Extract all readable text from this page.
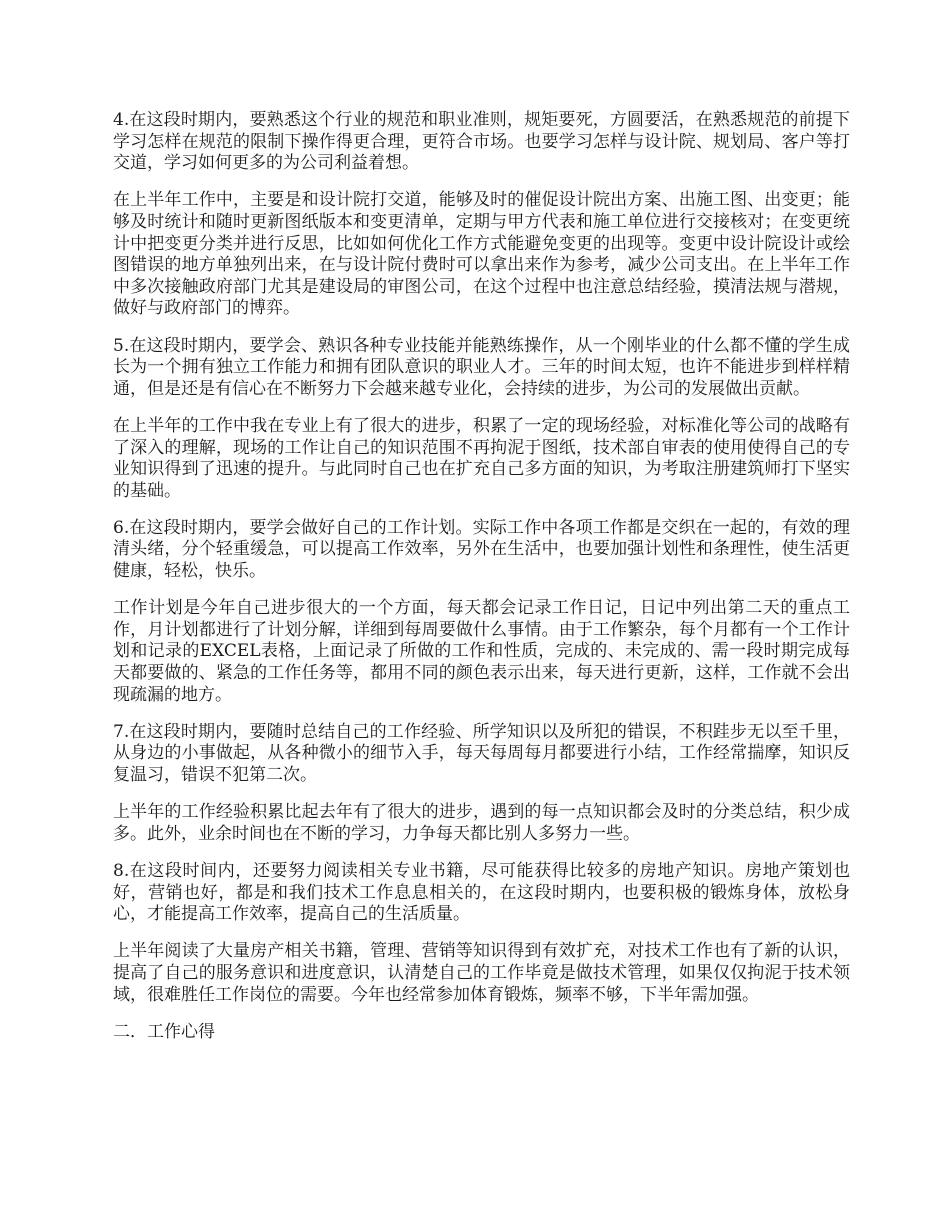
4.在这段时期内，要熟悉这个行业的规范和职业准则，规矩要死，方圆要活，在熟悉规范的前提下学习怎样在规范的限制下操作得更合理，更符合市场。也要学习怎样与设计院、规划局、客户等打交道，学习如何更多的为公司利益着想。

在上半年工作中，主要是和设计院打交道，能够及时的催促设计院出方案、出施工图、出变更；能够及时统计和随时更新图纸版本和变更清单，定期与甲方代表和施工单位进行交接核对；在变更统计中把变更分类并进行反思，比如如何优化工作方式能避免变更的出现等。变更中设计院设计或绘图错误的地方单独列出来，在与设计院付费时可以拿出来作为参考，减少公司支出。在上半年工作中多次接触政府部门尤其是建设局的审图公司，在这个过程中也注意总结经验，摸清法规与潜规，做好与政府部门的博弈。

5.在这段时期内，要学会、熟识各种专业技能并能熟练操作，从一个刚毕业的什么都不懂的学生成长为一个拥有独立工作能力和拥有团队意识的职业人才。三年的时间太短，也许不能进步到样样精通，但是还是有信心在不断努力下会越来越专业化，会持续的进步，为公司的发展做出贡献。

在上半年的工作中我在专业上有了很大的进步，积累了一定的现场经验，对标准化等公司的战略有了深入的理解，现场的工作让自己的知识范围不再拘泥于图纸，技术部自审表的使用使得自己的专业知识得到了迅速的提升。与此同时自己也在扩充自己多方面的知识，为考取注册建筑师打下坚实的基础。

6.在这段时期内，要学会做好自己的工作计划。实际工作中各项工作都是交织在一起的，有效的理清头绪，分个轻重缓急，可以提高工作效率，另外在生活中，也要加强计划性和条理性，使生活更健康，轻松，快乐。

工作计划是今年自己进步很大的一个方面，每天都会记录工作日记，日记中列出第二天的重点工作，月计划都进行了计划分解，详细到每周要做什么事情。由于工作繁杂，每个月都有一个工作计划和记录的EXCEL表格，上面记录了所做的工作和性质，完成的、未完成的、需一段时期完成每天都要做的、紧急的工作任务等，都用不同的颜色表示出来，每天进行更新，这样，工作就不会出现疏漏的地方。

7.在这段时期内，要随时总结自己的工作经验、所学知识以及所犯的错误，不积跬步无以至千里，从身边的小事做起，从各种微小的细节入手，每天每周每月都要进行小结，工作经常揣摩，知识反复温习，错误不犯第二次。

上半年的工作经验积累比起去年有了很大的进步，遇到的每一点知识都会及时的分类总结，积少成多。此外，业余时间也在不断的学习，力争每天都比别人多努力一些。

8.在这段时间内，还要努力阅读相关专业书籍，尽可能获得比较多的房地产知识。房地产策划也好，营销也好，都是和我们技术工作息息相关的，在这段时期内，也要积极的锻炼身体，放松身心，才能提高工作效率，提高自己的生活质量。

上半年阅读了大量房产相关书籍，管理、营销等知识得到有效扩充，对技术工作也有了新的认识，提高了自己的服务意识和进度意识，认清楚自己的工作毕竟是做技术管理，如果仅仅拘泥于技术领域，很难胜任工作岗位的需要。今年也经常参加体育锻炼，频率不够，下半年需加强。

二．工作心得
